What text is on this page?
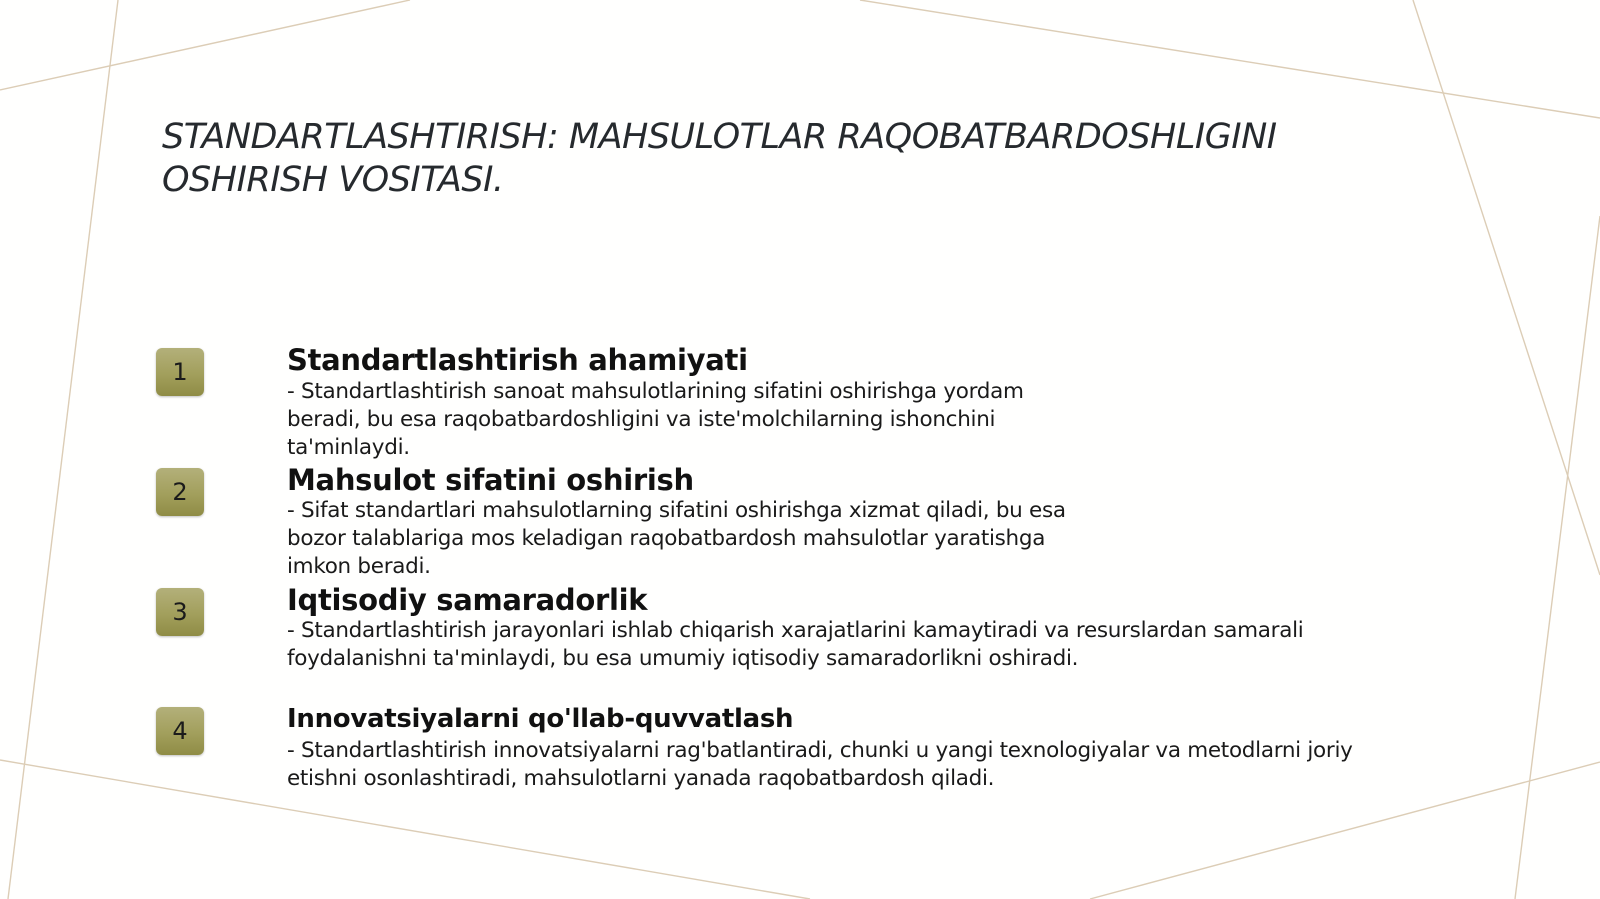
STANDARTLASHTIRISH: MAHSULOTLAR RAQOBATBARDOSHLIGINI OSHIRISH VOSITASI.
1	Standartlashtirish ahamiyati

- Standartlashtirish sanoat mahsulotlarining sifatini oshirishga yordam beradi, bu esa raqobatbardoshligini va iste'molchilarning ishonchini ta'minlaydi.

2	Mahsulot sifatini oshirish

- Sifat standartlari mahsulotlarning sifatini oshirishga xizmat qiladi, bu esa bozor talablariga mos keladigan raqobatbardosh mahsulotlar yaratishga imkon beradi.

3	Iqtisodiy samaradorlik

- Standartlashtirish jarayonlari ishlab chiqarish xarajatlarini kamaytiradi va resurslardan samarali foydalanishni ta'minlaydi, bu esa umumiy iqtisodiy samaradorlikni oshiradi.

4	Innovatsiyalarni qo'llab-quvvatlash

- Standartlashtirish innovatsiyalarni rag'batlantiradi, chunki u yangi texnologiyalar va metodlarni joriy etishni osonlashtiradi, mahsulotlarni yanada raqobatbardosh qiladi.
